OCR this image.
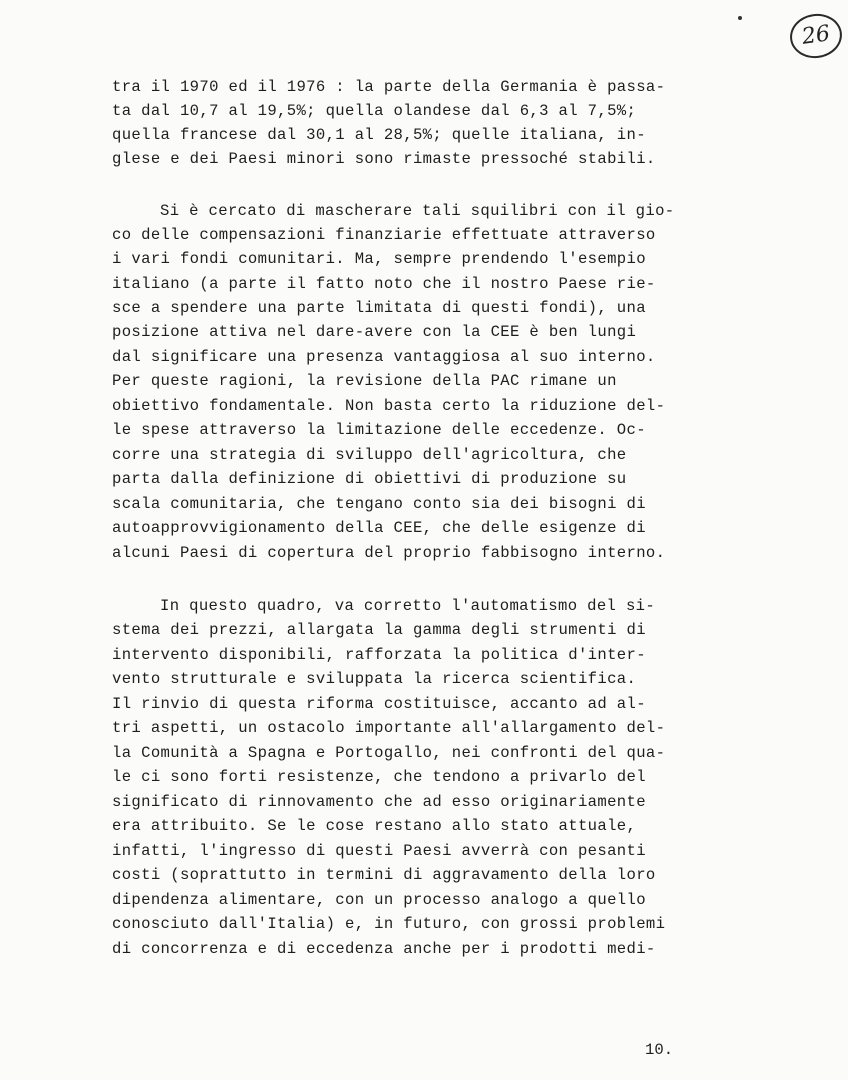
26
tra il 1970 ed il 1976 : la parte della Germania è passa-
ta dal 10,7 al 19,5%; quella olandese dal 6,3 al 7,5%;
quella francese dal 30,1 al 28,5%; quelle italiana, in-
glese e dei Paesi minori sono rimaste pressoché stabili.
Si è cercato di mascherare tali squilibri con il gio-
co delle compensazioni finanziarie effettuate attraverso
i vari fondi comunitari. Ma, sempre prendendo l'esempio
italiano (a parte il fatto noto che il nostro Paese rie-
sce a spendere una parte limitata di questi fondi), una
posizione attiva nel dare-avere con la CEE è ben lungi
dal significare una presenza vantaggiosa al suo interno.
Per queste ragioni, la revisione della PAC rimane un
obiettivo fondamentale. Non basta certo la riduzione del-
le spese attraverso la limitazione delle eccedenze. Oc-
corre una strategia di sviluppo dell'agricoltura, che
parta dalla definizione di obiettivi di produzione su
scala comunitaria, che tengano conto sia dei bisogni di
autoapprovvigionamento della CEE, che delle esigenze di
alcuni Paesi di copertura del proprio fabbisogno interno.
In questo quadro, va corretto l'automatismo del si-
stema dei prezzi, allargata la gamma degli strumenti di
intervento disponibili, rafforzata la politica d'inter-
vento strutturale e sviluppata la ricerca scientifica.
Il rinvio di questa riforma costituisce, accanto ad al-
tri aspetti, un ostacolo importante all'allargamento del-
la Comunità a Spagna e Portogallo, nei confronti del qua-
le ci sono forti resistenze, che tendono a privarlo del
significato di rinnovamento che ad esso originariamente
era attribuito. Se le cose restano allo stato attuale,
infatti, l'ingresso di questi Paesi avverrà con pesanti
costi (soprattutto in termini di aggravamento della loro
dipendenza alimentare, con un processo analogo a quello
conosciuto dall'Italia) e, in futuro, con grossi problemi
di concorrenza e di eccedenza anche per i prodotti medi-
10.
